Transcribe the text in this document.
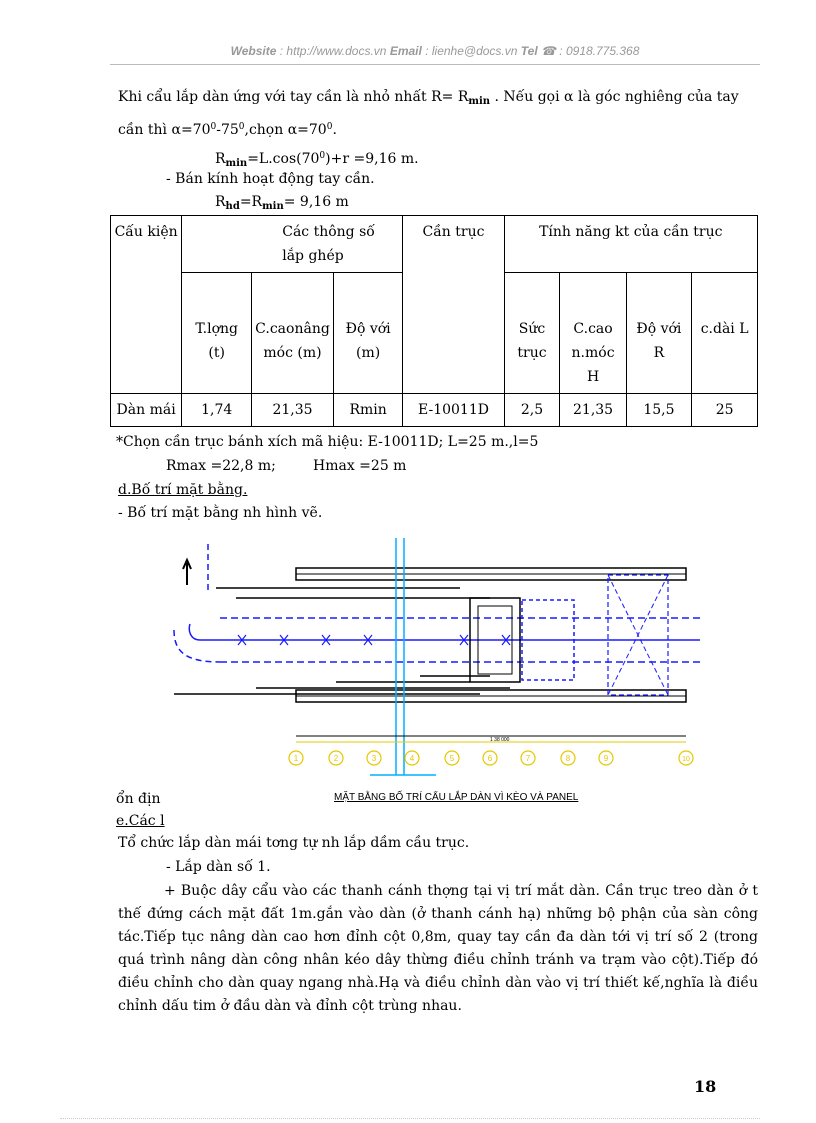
Website : http://www.docs.vn Email : lienhe@docs.vn Tel ☎ : 0918.775.368
Khi cẩu lắp dàn ứng với tay cần là nhỏ nhất $R= R_{min}$ . Nếu gọi α là góc nghiêng của tay
cần thì $\alpha=70^0-75^0,chọn$ $\alpha=70^0$.
$R_{min}=L.\cos(70^0)+r =9,16$ m.
- Bán kính hoạt động tay cần.
$R_{hd}=R_{min}= 9,16$ m
Cấu kiện	Các thông số lắp ghép			Cần trục	Tính năng kt của cần trục			
	T.lợng (t)	C.caonâng móc (m)	Độ với (m)		Sức trục	C.cao n.móc H	Độ với R	c.dài L
Dàn mái	1,74	21,35	Rmin	E-10011D	2,5	21,35	15,5	25
*Chọn cần trục bánh xích mã hiệu: E-10011D; L=25 m.,l=5
Rmax =22,8 m;	Hmax =25 m
d.Bố trí mặt bằng.
- Bố trí mặt bằng nh hình vẽ.
1 38 000
1	2	3	4	5	6	7	8	9	10
MẶT BẰNG BỐ TRÍ CẨU LẮP DÀN VÌ KÈO VÀ PANEL
ổn địn
e.Các l
Tổ chức lắp dàn mái tơng tự nh lắp dầm cầu trục.
- Lắp dàn số 1.
+ Buộc dây cẩu vào các thanh cánh thợng tại vị trí mắt dàn. Cần trục treo dàn ở t thế đứng cách mặt đất 1m.gắn vào dàn (ở thanh cánh hạ) những bộ phận của sàn công tác.Tiếp tục nâng dàn cao hơn đỉnh cột 0,8m, quay tay cần đa dàn tới vị trí số 2 (trong quá trình nâng dàn công nhân kéo dây thừng điều chỉnh tránh va trạm vào cột).Tiếp đó điều chỉnh cho dàn quay ngang nhà.Hạ và điều chỉnh dàn vào vị trí thiết kế,nghĩa là điều chỉnh dấu tim ở đầu dàn và đỉnh cột trùng nhau.
18
